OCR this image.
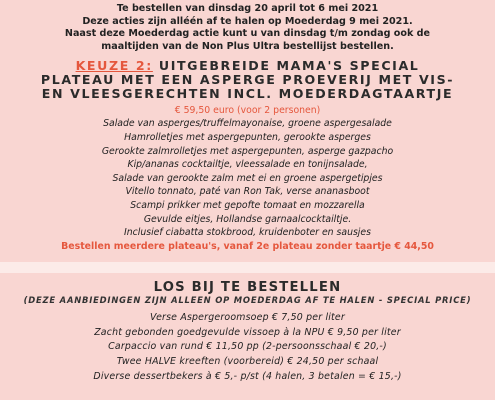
Te bestellen van dinsdag 20 april tot 6 mei 2021
Deze acties zijn alléén af te halen op Moederdag 9 mei 2021.
Naast deze Moederdag actie kunt u van dinsdag t/m zondag ook de
maaltijden van de Non Plus Ultra bestellijst bestellen.
KEUZE 2: UITGEBREIDE MAMA'S SPECIAL
PLATEAU MET EEN ASPERGE PROEVERIJ MET VIS-
EN VLEESGERECHTEN INCL. MOEDERDAGTAARTJE
€ 59,50 euro (voor 2 personen)
Salade van asperges/truffelmayonaise, groene aspergesalade
Hamrolletjes met aspergepunten, gerookte asperges
Gerookte zalmrolletjes met aspergepunten, asperge gazpacho
Kip/ananas cocktailtje, vleessalade en tonijnsalade,
Salade van gerookte zalm met ei en groene aspergetipjes
Vitello tonnato, paté van Ron Tak, verse ananasboot
Scampi prikker met gepofte tomaat en mozzarella
Gevulde eitjes, Hollandse garnaalcocktailtje.
Inclusief ciabatta stokbrood, kruidenboter en sausjes
Bestellen meerdere plateau's, vanaf 2e plateau zonder taartje € 44,50
LOS BIJ TE BESTELLEN
(DEZE AANBIEDINGEN ZIJN ALLEEN OP MOEDERDAG AF TE HALEN - SPECIAL PRICE)
Verse Aspergeroomsoep € 7,50 per liter
Zacht gebonden goedgevulde vissoep à la NPU € 9,50 per liter
Carpaccio van rund € 11,50 pp (2-persoonsschaal € 20,-)
Twee HALVE kreeften (voorbereid) € 24,50 per schaal
Diverse dessertbekers à € 5,- p/st (4 halen, 3 betalen = € 15,-)
